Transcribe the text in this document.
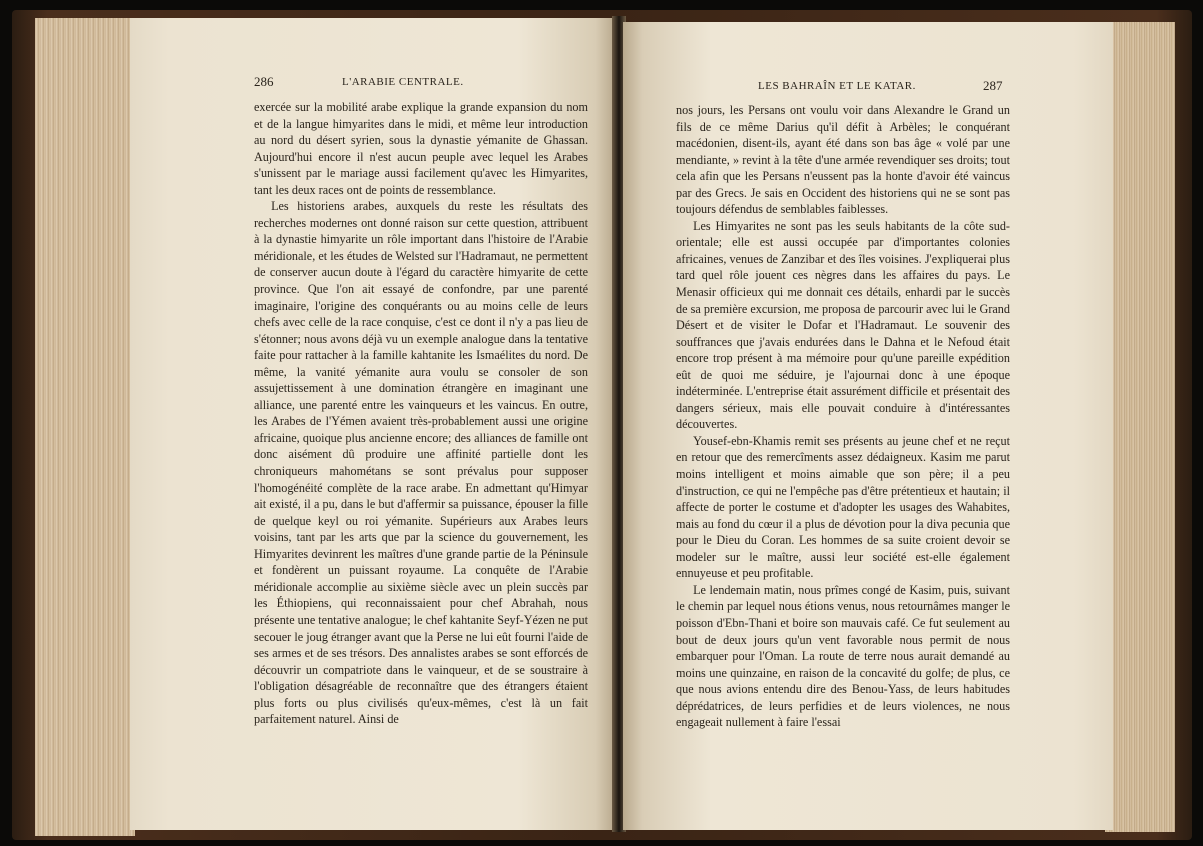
286	L'ARABIE CENTRALE.

exercée sur la mobilité arabe explique la grande expansion du nom et de la langue himyarites dans le midi, et même leur introduction au nord du désert syrien, sous la dynastie yémanite de Ghassan. Aujourd'hui encore il n'est aucun peuple avec lequel les Arabes s'unissent par le mariage aussi facilement qu'avec les Himyarites, tant les deux races ont de points de ressemblance.

Les historiens arabes, auxquels du reste les résultats des recherches modernes ont donné raison sur cette question, attribuent à la dynastie himyarite un rôle important dans l'histoire de l'Arabie méridionale, et les études de Welsted sur l'Hadramaut, ne permettent de conserver aucun doute à l'égard du caractère himyarite de cette province. Que l'on ait essayé de confondre, par une parenté imaginaire, l'origine des conquérants ou au moins celle de leurs chefs avec celle de la race conquise, c'est ce dont il n'y a pas lieu de s'étonner; nous avons déjà vu un exemple analogue dans la tentative faite pour rattacher à la famille kahtanite les Ismaélites du nord. De même, la vanité yémanite aura voulu se consoler de son assujettissement à une domination étrangère en imaginant une alliance, une parenté entre les vainqueurs et les vaincus. En outre, les Arabes de l'Yémen avaient très-probablement aussi une origine africaine, quoique plus ancienne encore; des alliances de famille ont donc aisément dû produire une affinité partielle dont les chroniqueurs mahométans se sont prévalus pour supposer l'homogénéité complète de la race arabe. En admettant qu'Himyar ait existé, il a pu, dans le but d'affermir sa puissance, épouser la fille de quelque keyl ou roi yémanite. Supérieurs aux Arabes leurs voisins, tant par les arts que par la science du gouvernement, les Himyarites devinrent les maîtres d'une grande partie de la Péninsule et fondèrent un puissant royaume. La conquête de l'Arabie méridionale accomplie au sixième siècle avec un plein succès par les Éthiopiens, qui reconnaissaient pour chef Abrahah, nous présente une tentative analogue; le chef kahtanite Seyf-Yézen ne put secouer le joug étranger avant que la Perse ne lui eût fourni l'aide de ses armes et de ses trésors. Des annalistes arabes se sont efforcés de découvrir un compatriote dans le vainqueur, et de se soustraire à l'obligation désagréable de reconnaître que des étrangers étaient plus forts ou plus civilisés qu'eux-mêmes, c'est là un fait parfaitement naturel. Ainsi de

LES BAHRAÎN ET LE KATAR.	287

nos jours, les Persans ont voulu voir dans Alexandre le Grand un fils de ce même Darius qu'il défit à Arbèles; le conquérant macédonien, disent-ils, ayant été dans son bas âge « volé par une mendiante, » revint à la tête d'une armée revendiquer ses droits; tout cela afin que les Persans n'eussent pas la honte d'avoir été vaincus par des Grecs. Je sais en Occident des historiens qui ne se sont pas toujours défendus de semblables faiblesses.

Les Himyarites ne sont pas les seuls habitants de la côte sud-orientale; elle est aussi occupée par d'importantes colonies africaines, venues de Zanzibar et des îles voisines. J'expliquerai plus tard quel rôle jouent ces nègres dans les affaires du pays. Le Menasir officieux qui me donnait ces détails, enhardi par le succès de sa première excursion, me proposa de parcourir avec lui le Grand Désert et de visiter le Dofar et l'Hadramaut. Le souvenir des souffrances que j'avais endurées dans le Dahna et le Nefoud était encore trop présent à ma mémoire pour qu'une pareille expédition eût de quoi me séduire, je l'ajournai donc à une époque indéterminée. L'entreprise était assurément difficile et présentait des dangers sérieux, mais elle pouvait conduire à d'intéressantes découvertes.

Yousef-ebn-Khamis remit ses présents au jeune chef et ne reçut en retour que des remercîments assez dédaigneux. Kasim me parut moins intelligent et moins aimable que son père; il a peu d'instruction, ce qui ne l'empêche pas d'être prétentieux et hautain; il affecte de porter le costume et d'adopter les usages des Wahabites, mais au fond du cœur il a plus de dévotion pour la diva pecunia que pour le Dieu du Coran. Les hommes de sa suite croient devoir se modeler sur le maître, aussi leur société est-elle également ennuyeuse et peu profitable.

Le lendemain matin, nous prîmes congé de Kasim, puis, suivant le chemin par lequel nous étions venus, nous retournâmes manger le poisson d'Ebn-Thani et boire son mauvais café. Ce fut seulement au bout de deux jours qu'un vent favorable nous permit de nous embarquer pour l'Oman. La route de terre nous aurait demandé au moins une quinzaine, en raison de la concavité du golfe; de plus, ce que nous avions entendu dire des Benou-Yass, de leurs habitudes déprédatrices, de leurs perfidies et de leurs violences, ne nous engageait nullement à faire l'essai
